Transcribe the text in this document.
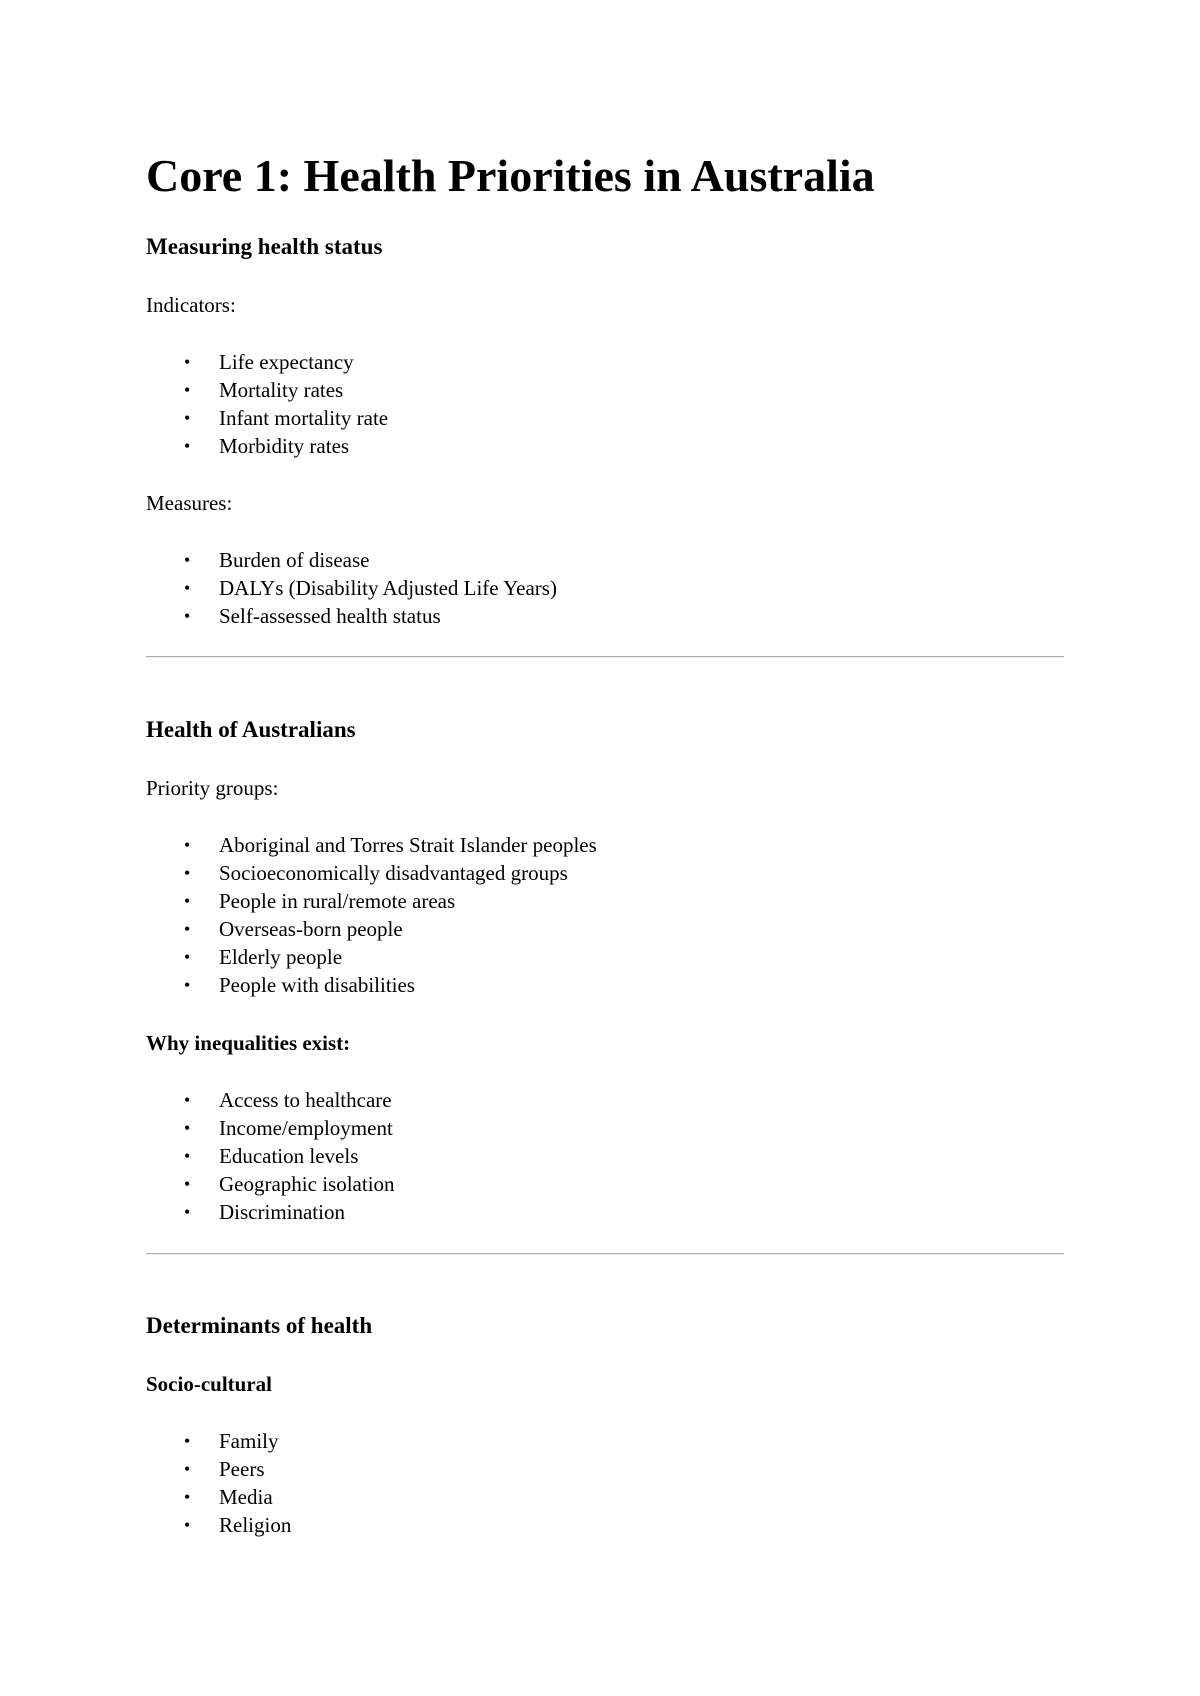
Core 1: Health Priorities in Australia
Measuring health status

Indicators:

• Life expectancy
• Mortality rates
• Infant mortality rate
• Morbidity rates

Measures:

• Burden of disease
• DALYs (Disability Adjusted Life Years)
• Self-assessed health status
Health of Australians

Priority groups:

• Aboriginal and Torres Strait Islander peoples
• Socioeconomically disadvantaged groups
• People in rural/remote areas
• Overseas-born people
• Elderly people
• People with disabilities
Why inequalities exist:
• Access to healthcare
• Income/employment
• Education levels
• Geographic isolation
• Discrimination
Determinants of health
Socio-cultural
• Family
• Peers
• Media
• Religion
